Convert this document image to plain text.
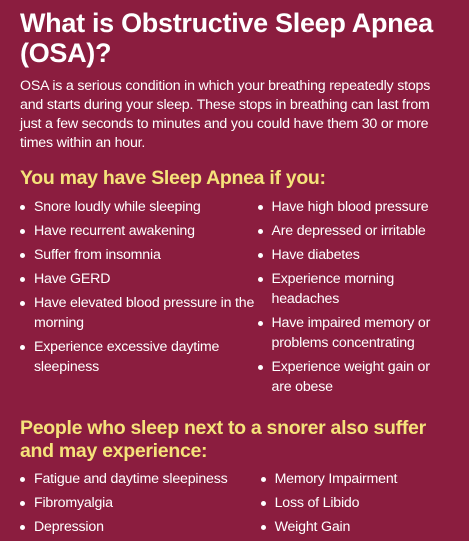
What is Obstructive Sleep Apnea (OSA)?

OSA is a serious condition in which your breathing repeatedly stops and starts during your sleep. These stops in breathing can last from just a few seconds to minutes and you could have them 30 or more times within an hour.

You may have Sleep Apnea if you:
Snore loudly while sleeping
Have recurrent awakening
Suffer from insomnia
Have GERD
Have elevated blood pressure in the morning
Experience excessive daytime sleepiness
Have high blood pressure
Are depressed or irritable
Have diabetes
Experience morning headaches
Have impaired memory or problems concentrating
Experience weight gain or are obese
People who sleep next to a snorer also suffer and may experience:
Fatigue and daytime sleepiness
Fibromyalgia
Depression
Memory Impairment
Loss of Libido
Weight Gain
